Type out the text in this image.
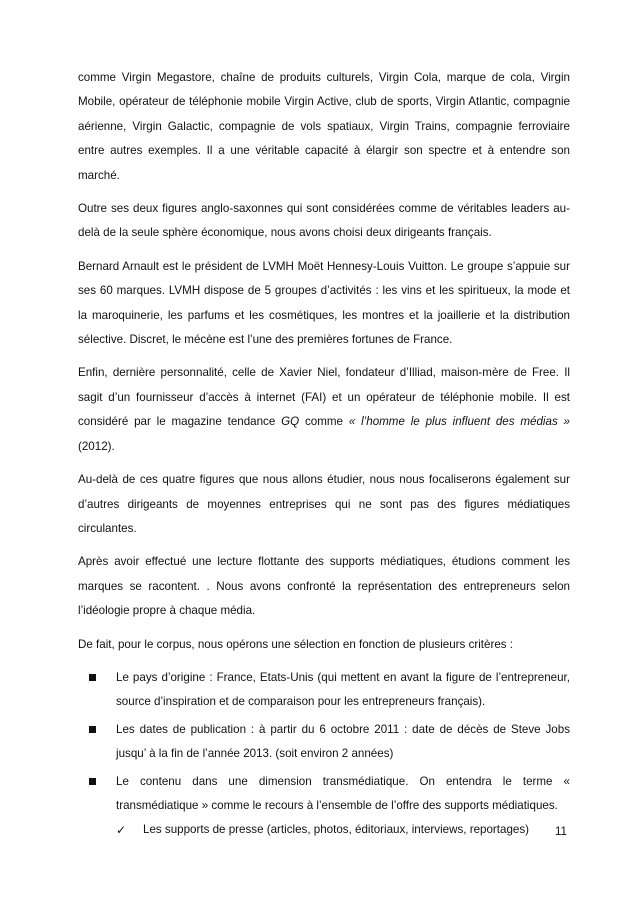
comme Virgin Megastore, chaîne de produits culturels, Virgin Cola, marque de cola, Virgin Mobile, opérateur de téléphonie mobile Virgin Active, club de sports, Virgin Atlantic, compagnie aérienne, Virgin Galactic, compagnie de vols spatiaux, Virgin Trains, compagnie ferroviaire entre autres exemples. Il a une véritable capacité à élargir son spectre et à entendre son marché.

Outre ses deux figures anglo-saxonnes qui sont considérées comme de véritables leaders au-delà de la seule sphère économique, nous avons choisi deux dirigeants français.

Bernard Arnault est le président de LVMH Moët Hennesy-Louis Vuitton. Le groupe s’appuie sur ses 60 marques. LVMH dispose de 5 groupes d’activités : les vins et les spiritueux, la mode et la maroquinerie, les parfums et les cosmétiques, les montres et la joaillerie et la distribution sélective. Discret, le mécène est l’une des premières fortunes de France.

Enfin, dernière personnalité, celle de Xavier Niel, fondateur d’Illiad, maison-mère de Free. Il sagit d’un fournisseur d’accès à internet (FAI) et un opérateur de téléphonie mobile. Il est considéré par le magazine tendance GQ comme « l’homme le plus influent des médias » (2012).

Au-delà de ces quatre figures que nous allons étudier, nous nous focaliserons également sur d’autres dirigeants de moyennes entreprises qui ne sont pas des figures médiatiques circulantes.

Après avoir effectué une lecture flottante des supports médiatiques, étudions comment les marques se racontent. . Nous avons confronté la représentation des entrepreneurs selon l’idéologie propre à chaque média.

De fait, pour le corpus, nous opérons une sélection en fonction de plusieurs critères :

Le pays d’origine : France, Etats-Unis (qui mettent en avant la figure de l’entrepreneur, source d’inspiration et de comparaison pour les entrepreneurs français).
Les dates de publication : à partir du 6 octobre 2011 : date de décès de Steve Jobs jusqu’ à la fin de l’année 2013. (soit environ 2 années)
Le contenu dans une dimension transmédiatique. On entendra le terme « transmédiatique » comme le recours à l’ensemble de l’offre des supports médiatiques.
✓ Les supports de presse (articles, photos, éditoriaux, interviews, reportages)	11
